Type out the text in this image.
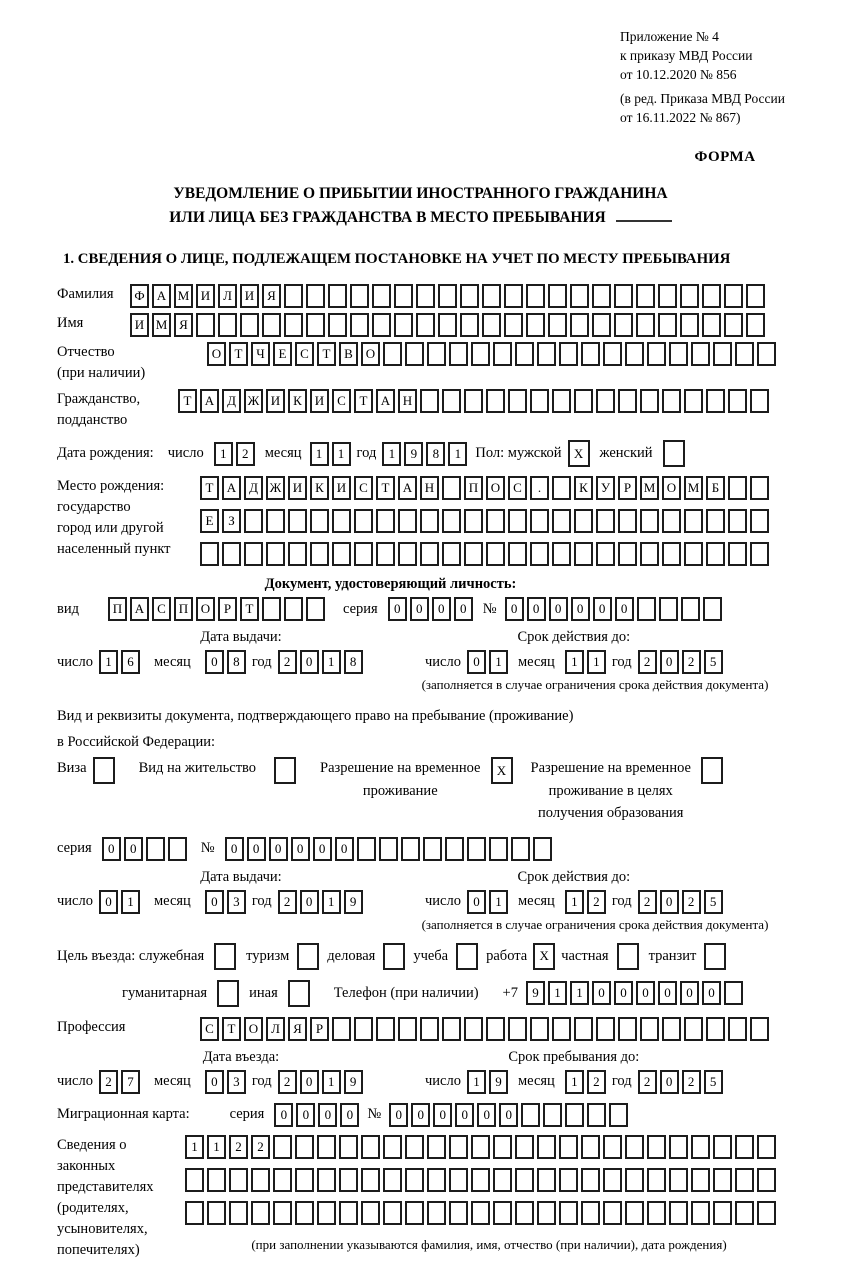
Приложение № 4
к приказу МВД России
от 10.12.2020 № 856
(в ред. Приказа МВД России
от 16.11.2022 № 867)
ФОРМА
УВЕДОМЛЕНИЕ О ПРИБЫТИИ ИНОСТРАННОГО ГРАЖДАНИНА
ИЛИ ЛИЦА БЕЗ ГРАЖДАНСТВА В МЕСТО ПРЕБЫВАНИЯ
1. СВЕДЕНИЯ О ЛИЦЕ, ПОДЛЕЖАЩЕМ ПОСТАНОВКЕ НА УЧЕТ ПО МЕСТУ ПРЕБЫВАНИЯ
Фамилия	Ф А М И Л И Я
Имя	И М Я
Отчество
(при наличии)
О	Т	Ч	Е	С	Т	В О
Гражданство,
подданство
Т	А Д Ж И К И С	Т	А Н
Дата рождения: число	1	2	месяц	1	1 год 1	9	8	1 Пол: мужской X	женский
Место рождения:
государство
город или другой
населенный пункт
Т	А Д Ж И К И С	Т	А Н	П О С	.	К	У	Р М О М Б
Е	З
Документ, удостоверяющий личность:
вид	П А С П О	Р	Т	серия	0	0	0	0	№	0	0	0	0	0	0
Дата выдачи:
число 1	6	месяц	0	8 год 2	0	1	8
Срок действия до:
число 0	1	месяц	1	1 год 2	0	2	5
(заполняется в случае ограничения срока действия документа)
Вид и реквизиты документа, подтверждающего право на пребывание (проживание)
в Российской Федерации:
Виза	Вид на жительство	Разрешение на временное
проживание
X	Разрешение на временное
проживание в целях
получения образования
серия	0	0	№	0	0	0	0	0	0
Дата выдачи:
число 0	1	месяц	0	3 год 2	0	1	9
Срок действия до:
число 0	1	месяц	1	2 год 2	0	2	5
(заполняется в случае ограничения срока действия документа)
Цель въезда: служебная	туризм	деловая	учеба	работа X частная	транзит
гуманитарная	иная	Телефон (при наличии) +7	9	1	1	0	0	0	0	0	0
Профессия	С	Т	О Л	Я	Р
Дата въезда:
число 2	7	месяц	0	3 год 2	0	1	9
Срок пребывания до:
число 1	9	месяц	1	2 год 2	0	2	5
Миграционная карта:	серия	0	0	0	0 №	0	0	0	0	0	0
Сведения о
законных
представителях
(родителях,
усыновителях,
попечителях)
1	1	2	2
(при заполнении указываются фамилия, имя, отчество (при наличии), дата рождения)
